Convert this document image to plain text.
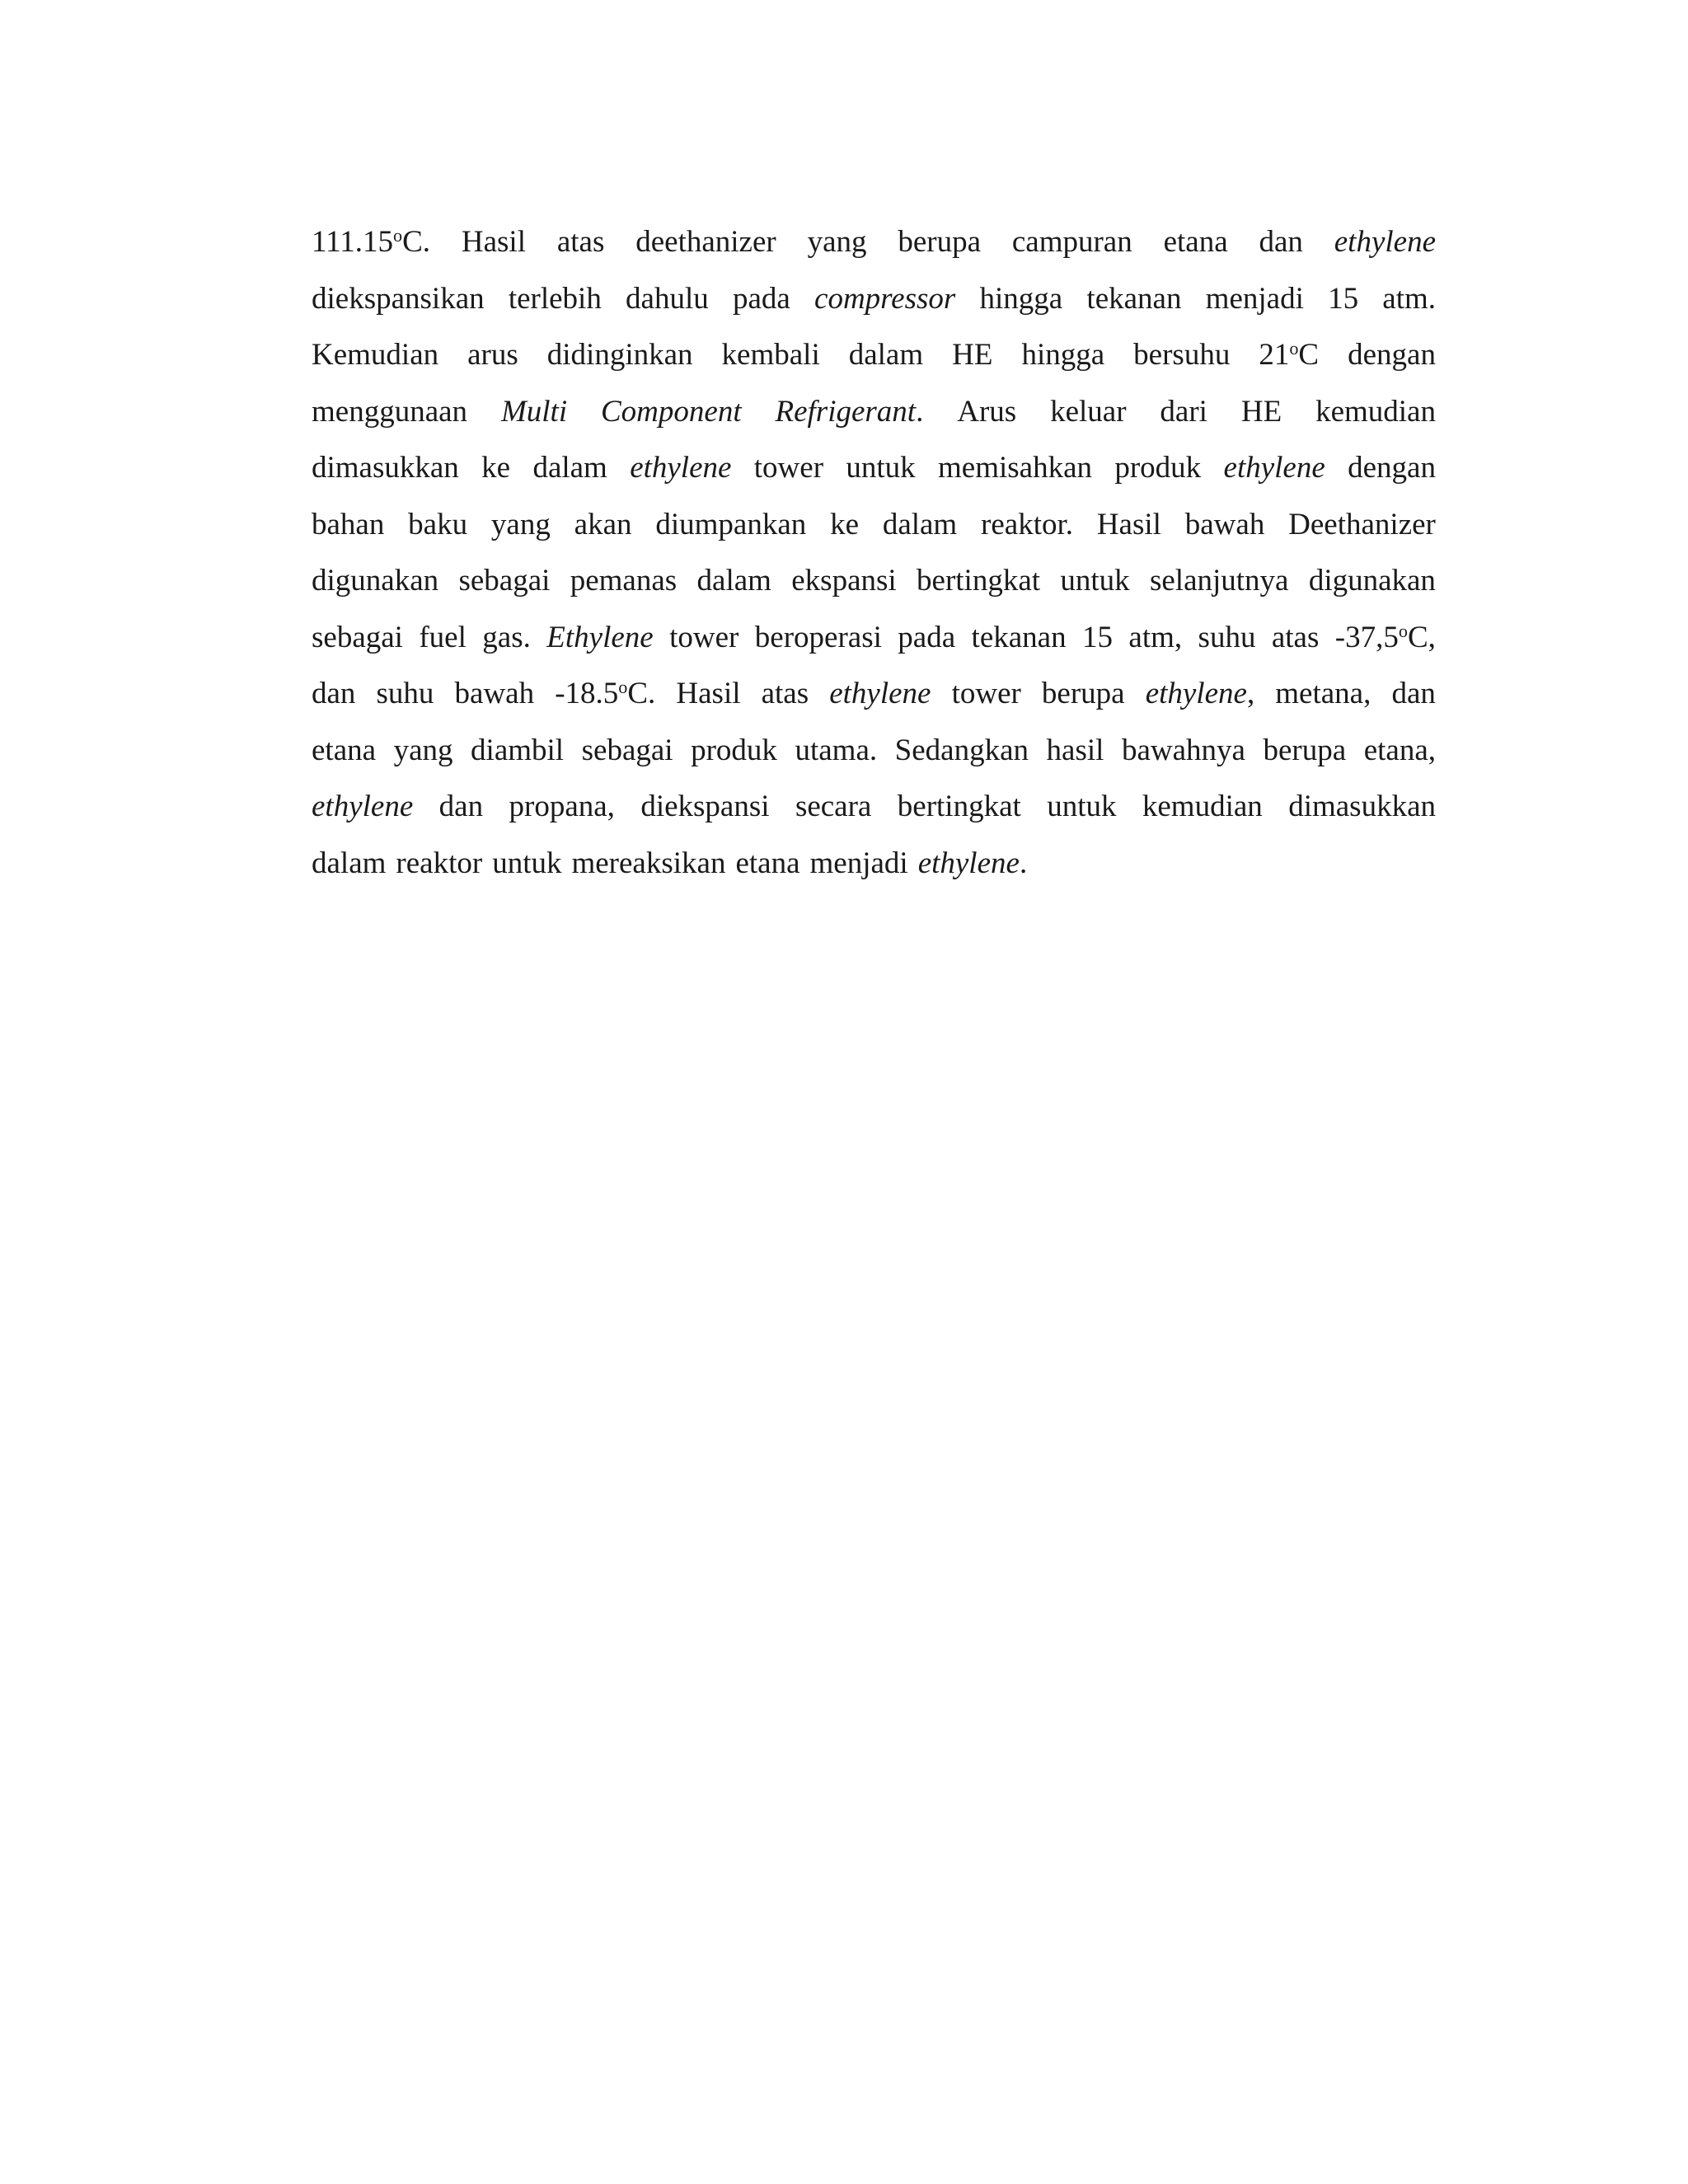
111.15$^o$C. Hasil atas deethanizer yang berupa campuran etana dan ethylene
diekspansikan terlebih dahulu pada compressor hingga tekanan menjadi 15 atm.
Kemudian arus didinginkan kembali dalam HE hingga bersuhu 21$^o$C dengan
menggunaan Multi Component Refrigerant. Arus keluar dari HE kemudian
dimasukkan ke dalam ethylene tower untuk memisahkan produk ethylene dengan
bahan baku yang akan diumpankan ke dalam reaktor. Hasil bawah Deethanizer
digunakan sebagai pemanas dalam ekspansi bertingkat untuk selanjutnya digunakan
sebagai fuel gas. Ethylene tower beroperasi pada tekanan 15 atm, suhu atas -37,5$^o$C,
dan suhu bawah -18.5$^o$C. Hasil atas ethylene tower berupa ethylene, metana, dan
etana yang diambil sebagai produk utama. Sedangkan hasil bawahnya berupa etana,
ethylene dan propana, diekspansi secara bertingkat untuk kemudian dimasukkan
dalam reaktor untuk mereaksikan etana menjadi ethylene.
